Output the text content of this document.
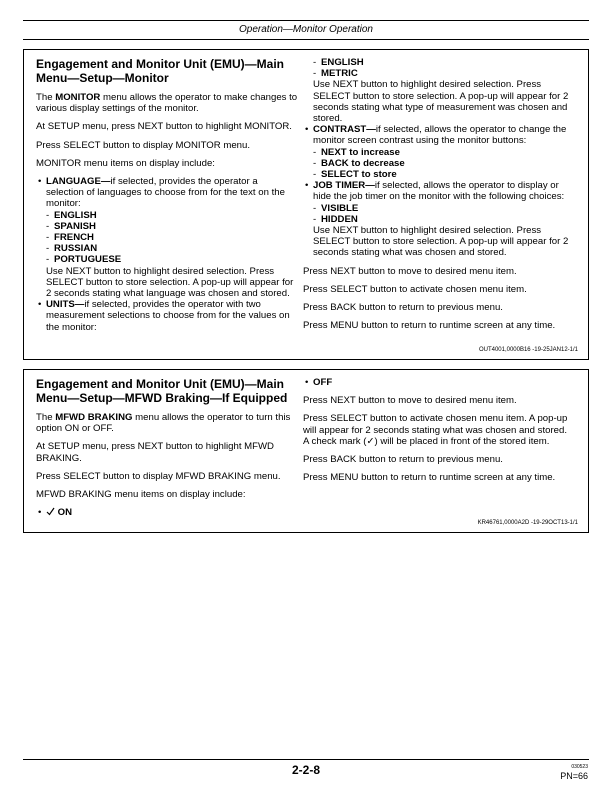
Operation—Monitor Operation
Engagement and Monitor Unit (EMU)—Main Menu—Setup—Monitor

The MONITOR menu allows the operator to make changes to various display settings of the monitor.

At SETUP menu, press NEXT button to highlight MONITOR.

Press SELECT button to display MONITOR menu.

MONITOR menu items on display include:

• LANGUAGE—if selected, provides the operator a selection of languages to choose from for the text on the monitor:
- ENGLISH
- SPANISH
- FRENCH
- RUSSIAN
- PORTUGUESE
Use NEXT button to highlight desired selection. Press SELECT button to store selection. A pop-up will appear for 2 seconds stating what language was chosen and stored.
• UNITS—if selected, provides the operator with two measurement selections to choose from for the values on the monitor:
- ENGLISH
- METRIC
Use NEXT button to highlight desired selection. Press SELECT button to store selection. A pop-up will appear for 2 seconds stating what type of measurement was chosen and stored.
• CONTRAST—if selected, allows the operator to change the monitor screen contrast using the monitor buttons:
- NEXT to increase
- BACK to decrease
- SELECT to store
• JOB TIMER—if selected, allows the operator to display or hide the job timer on the monitor with the following choices:
- VISIBLE
- HIDDEN
Use NEXT button to highlight desired selection. Press SELECT button to store selection. A pop-up will appear for 2 seconds stating what was chosen and stored.

Press NEXT button to move to desired menu item.

Press SELECT button to activate chosen menu item.

Press BACK button to return to previous menu.

Press MENU button to return to runtime screen at any time.

OUT4001,0000B16 -19-25JAN12-1/1
Engagement and Monitor Unit (EMU)—Main Menu—Setup—MFWD Braking—If Equipped

The MFWD BRAKING menu allows the operator to turn this option ON or OFF.

At SETUP menu, press NEXT button to highlight MFWD BRAKING.

Press SELECT button to display MFWD BRAKING menu.

MFWD BRAKING menu items on display include:

• ON
• OFF

Press NEXT button to move to desired menu item.

Press SELECT button to activate chosen menu item. A pop-up will appear for 2 seconds stating what was chosen and stored. A check mark (✓) will be placed in front of the stored item.

Press BACK button to return to previous menu.

Press MENU button to return to runtime screen at any time.

KR46761,0000A2D -19-29OCT13-1/1
2-2-8	030523
PN=66
